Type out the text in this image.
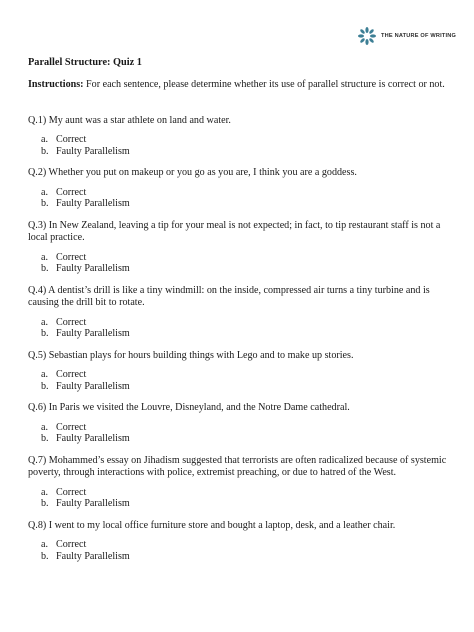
THE NATURE OF WRITING

Parallel Structure: Quiz 1

Instructions: For each sentence, please determine whether its use of parallel structure is correct or not.

Q.1) My aunt was a star athlete on land and water.

a. Correct
b. Faulty Parallelism

Q.2) Whether you put on makeup or you go as you are, I think you are a goddess.

a. Correct
b. Faulty Parallelism

Q.3) In New Zealand, leaving a tip for your meal is not expected; in fact, to tip restaurant staff is not a local practice.

a. Correct
b. Faulty Parallelism

Q.4) A dentist’s drill is like a tiny windmill: on the inside, compressed air turns a tiny turbine and is causing the drill bit to rotate.

a. Correct
b. Faulty Parallelism

Q.5) Sebastian plays for hours building things with Lego and to make up stories.

a. Correct
b. Faulty Parallelism

Q.6) In Paris we visited the Louvre, Disneyland, and the Notre Dame cathedral.

a. Correct
b. Faulty Parallelism

Q.7) Mohammed’s essay on Jihadism suggested that terrorists are often radicalized because of systemic poverty, through interactions with police, extremist preaching, or due to hatred of the West.

a. Correct
b. Faulty Parallelism

Q.8) I went to my local office furniture store and bought a laptop, desk, and a leather chair.

a. Correct
b. Faulty Parallelism
